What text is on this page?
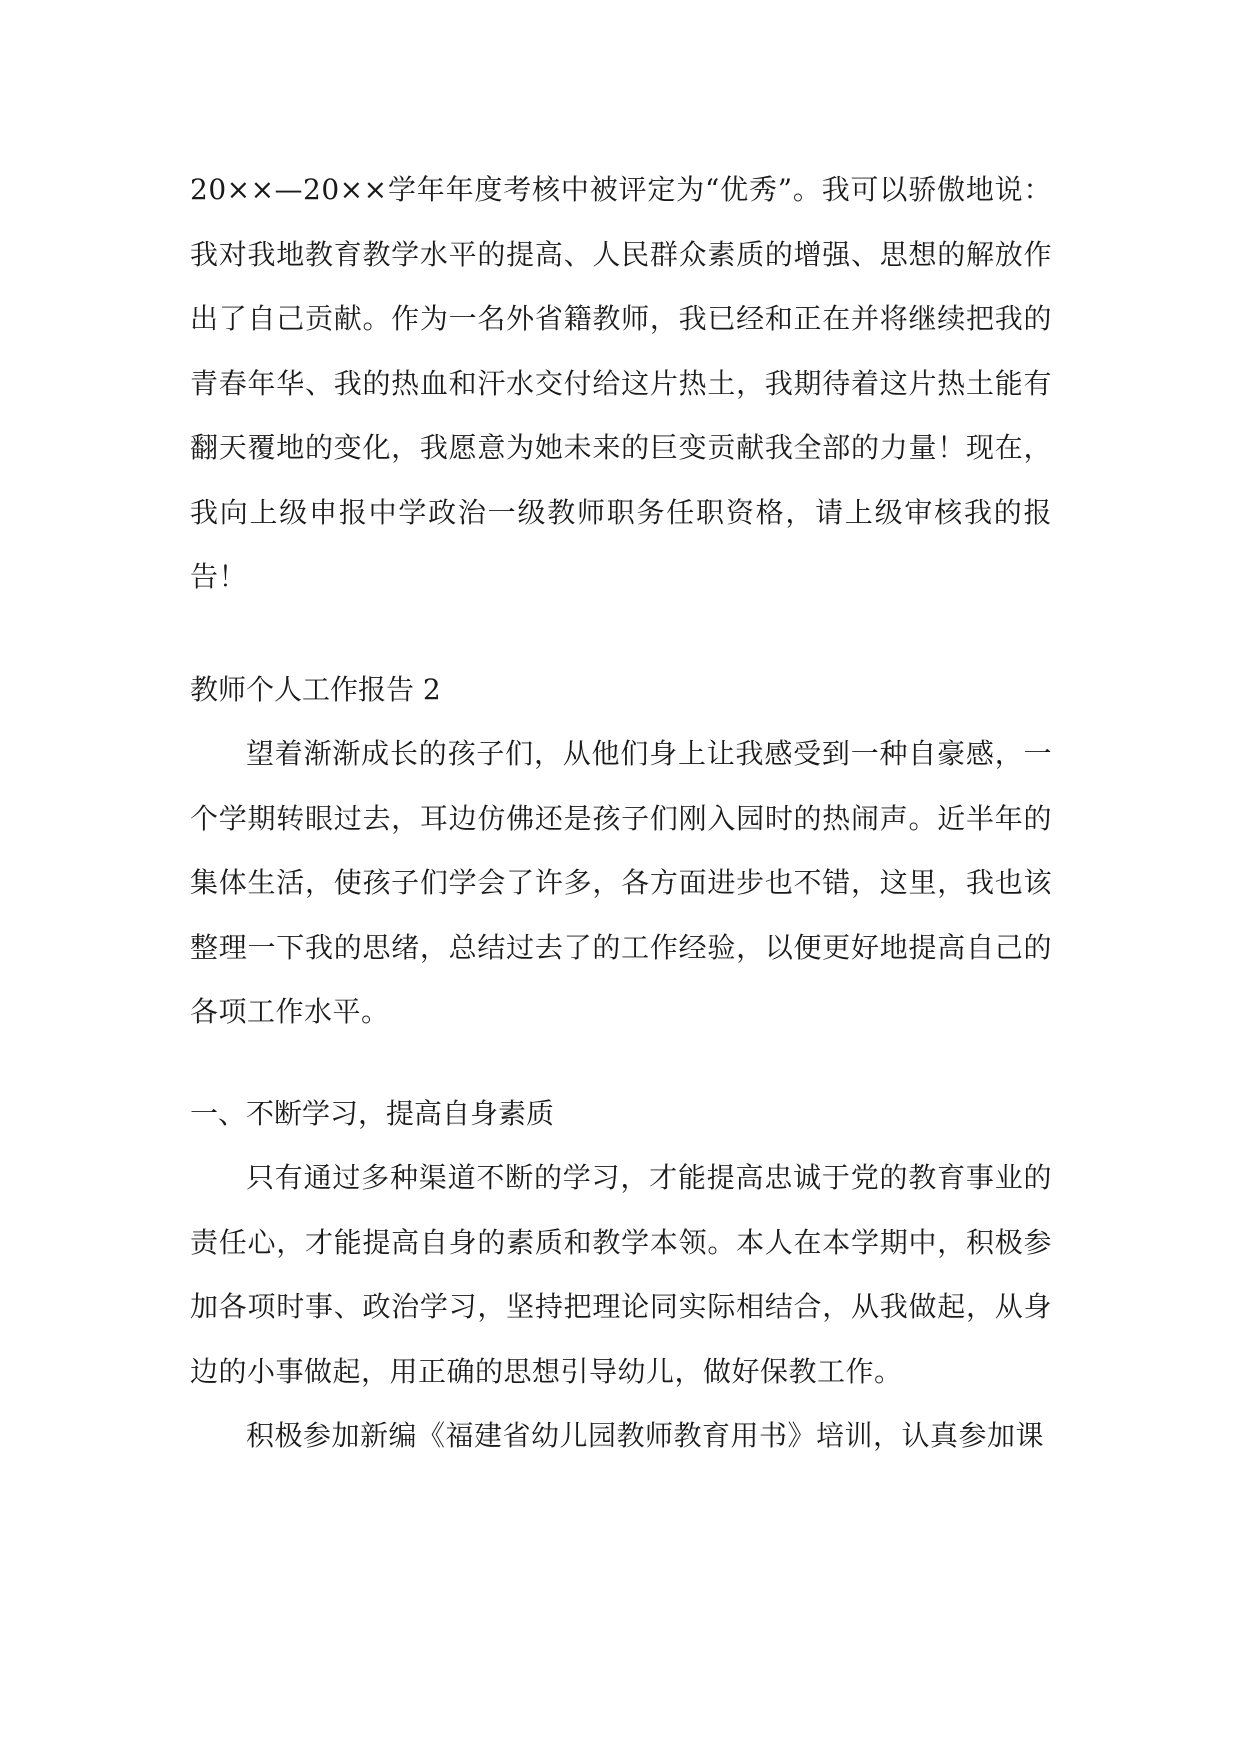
20××—20××学年年度考核中被评定为“优秀”。我可以骄傲地说：我对我地教育教学水平的提高、人民群众素质的增强、思想的解放作出了自己贡献。作为一名外省籍教师，我已经和正在并将继续把我的青春年华、我的热血和汗水交付给这片热土，我期待着这片热土能有翻天覆地的变化，我愿意为她未来的巨变贡献我全部的力量！现在，我向上级申报中学政治一级教师职务任职资格，请上级审核我的报告！

教师个人工作报告 2

望着渐渐成长的孩子们，从他们身上让我感受到一种自豪感，一个学期转眼过去，耳边仿佛还是孩子们刚入园时的热闹声。近半年的集体生活，使孩子们学会了许多，各方面进步也不错，这里，我也该整理一下我的思绪，总结过去了的工作经验，以便更好地提高自己的各项工作水平。

一、不断学习，提高自身素质

只有通过多种渠道不断的学习，才能提高忠诚于党的教育事业的责任心，才能提高自身的素质和教学本领。本人在本学期中，积极参加各项时事、政治学习，坚持把理论同实际相结合，从我做起，从身边的小事做起，用正确的思想引导幼儿，做好保教工作。

积极参加新编《福建省幼儿园教师教育用书》培训，认真参加课
